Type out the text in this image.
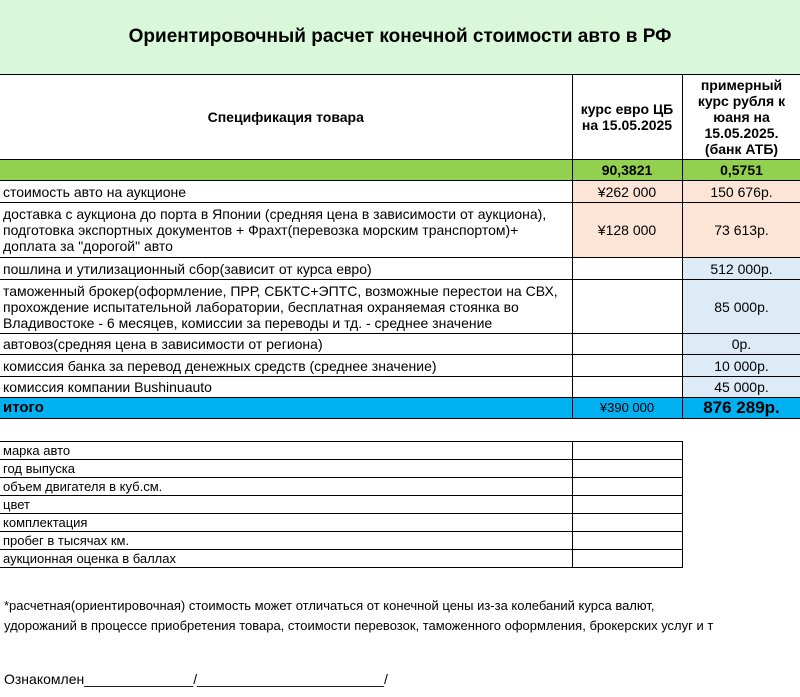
Ориентировочный расчет конечной стоимости авто в РФ
Спецификация товара	курс евро ЦБ на 15.05.2025	примерный курс рубля к юаня на 15.05.2025. (банк АТБ)
	90,3821	0,5751
стоимость авто на аукционе	¥262 000	150 676р.
доставка с аукциона до порта в Японии (средняя цена в зависимости от аукциона), подготовка экспортных документов + Фрахт(перевозка морским транспортом)+ доплата за "дорогой" авто	¥128 000	73 613р.
пошлина и утилизационный сбор(зависит от курса евро)		512 000р.
таможенный брокер(оформление, ПРР, СБКТС+ЭПТС, возможные перестои на СВХ, прохождение испытательной лаборатории, бесплатная охраняемая стоянка во Владивостоке - 6 месяцев, комиссии за переводы и тд. - среднее значение		85 000р.
автовоз(средняя цена в зависимости от региона)		0р.
комиссия банка за перевод денежных средств (среднее значение)		10 000р.
комиссия компании Bushinuauto		45 000р.
итого	¥390 000	876 289р.
марка авто	
год выпуска	
объем двигателя в куб.см.	
цвет	
комплектация	
пробег в тысячах км.	
аукционная оценка в баллах	
*расчетная(ориентировочная) стоимость может отличаться от конечной цены из-за колебаний курса валют,
удорожаний в процессе приобретения товара, стоимости перевозок, таможенного оформления, брокерских услуг и т
Ознакомлен______________/________________________/
